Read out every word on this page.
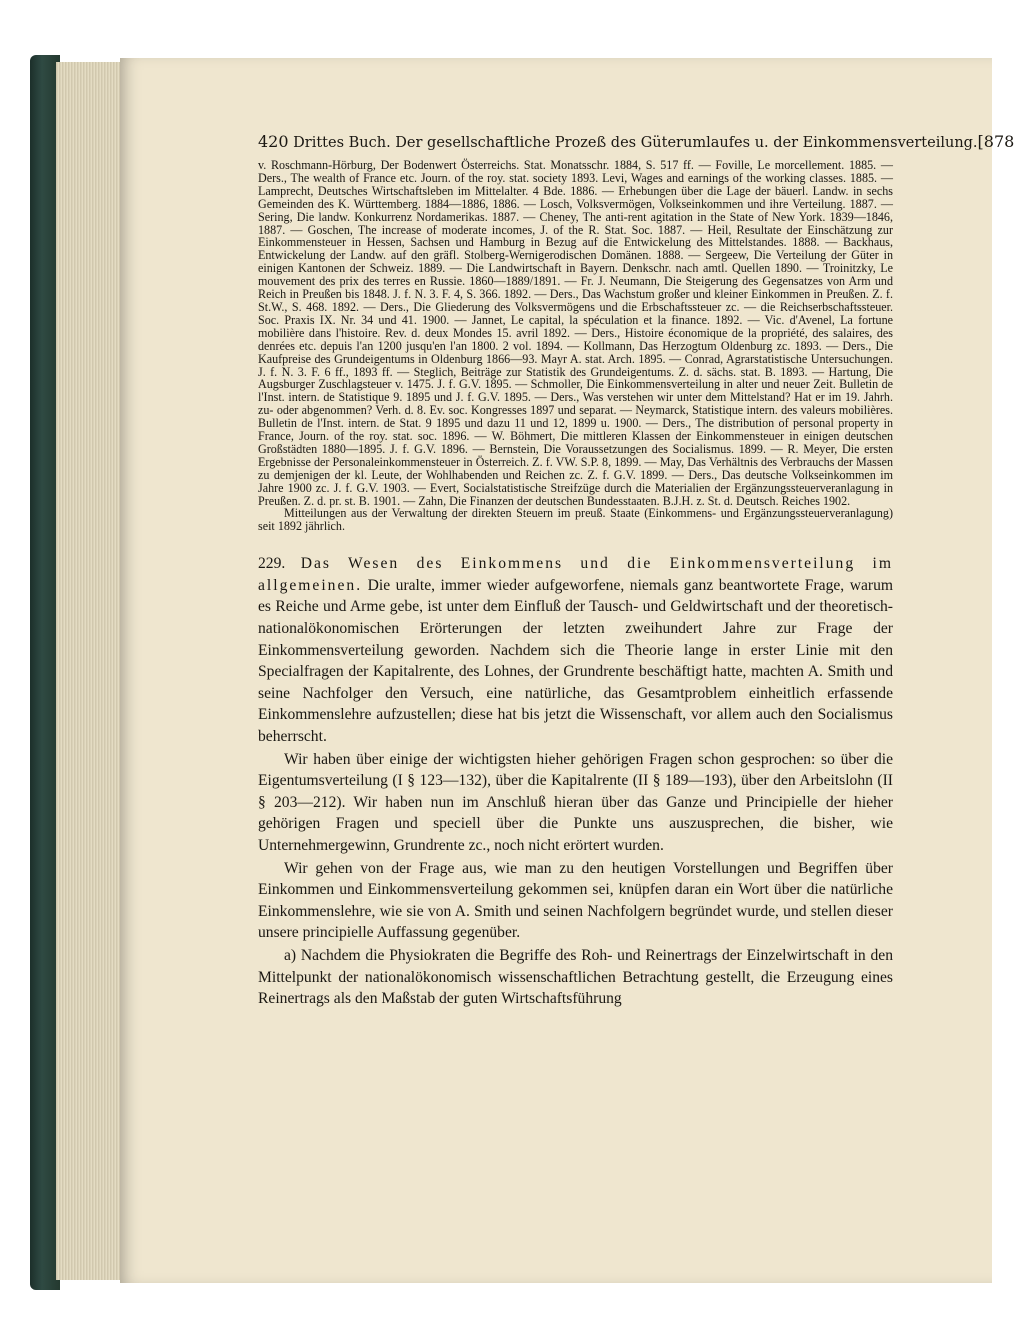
420 Drittes Buch. Der gesellschaftliche Prozeß des Güterumlaufes u. der Einkommensverteilung. [878

v. Roschmann-Hörburg, Der Bodenwert Österreichs. Stat. Monatsschr. 1884, S. 517 ff. — Foville, Le morcellement. 1885. — Ders., The wealth of France etc. Journ. of the roy. stat. society 1893. Levi, Wages and earnings of the working classes. 1885. — Lamprecht, Deutsches Wirtschaftsleben im Mittelalter. 4 Bde. 1886. — Erhebungen über die Lage der bäuerl. Landw. in sechs Gemeinden des K. Württemberg. 1884—1886, 1886. — Losch, Volksvermögen, Volkseinkommen und ihre Verteilung. 1887. — Sering, Die landw. Konkurrenz Nordamerikas. 1887. — Cheney, The anti-rent agitation in the State of New York. 1839—1846, 1887. — Goschen, The increase of moderate incomes, J. of the R. Stat. Soc. 1887. — Heil, Resultate der Einschätzung zur Einkommensteuer in Hessen, Sachsen und Hamburg in Bezug auf die Entwickelung des Mittelstandes. 1888. — Backhaus, Entwickelung der Landw. auf den gräfl. Stolberg-Wernigerodischen Domänen. 1888. — Sergeew, Die Verteilung der Güter in einigen Kantonen der Schweiz. 1889. — Die Landwirtschaft in Bayern. Denkschr. nach amtl. Quellen 1890. — Troinitzky, Le mouvement des prix des terres en Russie. 1860—1889/1891. — Fr. J. Neumann, Die Steigerung des Gegensatzes von Arm und Reich in Preußen bis 1848. J. f. N. 3. F. 4, S. 366. 1892. — Ders., Das Wachstum großer und kleiner Einkommen in Preußen. Z. f. St.W., S. 468. 1892. — Ders., Die Gliederung des Volksvermögens und die Erbschaftssteuer zc. — die Reichserbschaftssteuer. Soc. Praxis IX. Nr. 34 und 41. 1900. — Jannet, Le capital, la spéculation et la finance. 1892. — Vic. d'Avenel, La fortune mobilière dans l'histoire. Rev. d. deux Mondes 15. avril 1892. — Ders., Histoire économique de la propriété, des salaires, des denrées etc. depuis l'an 1200 jusqu'en l'an 1800. 2 vol. 1894. — Kollmann, Das Herzogtum Oldenburg zc. 1893. — Ders., Die Kaufpreise des Grundeigentums in Oldenburg 1866—93. Mayr A. stat. Arch. 1895. — Conrad, Agrarstatistische Untersuchungen. J. f. N. 3. F. 6 ff., 1893 ff. — Steglich, Beiträge zur Statistik des Grundeigentums. Z. d. sächs. stat. B. 1893. — Hartung, Die Augsburger Zuschlagsteuer v. 1475. J. f. G.V. 1895. — Schmoller, Die Einkommensverteilung in alter und neuer Zeit. Bulletin de l'Inst. intern. de Statistique 9. 1895 und J. f. G.V. 1895. — Ders., Was verstehen wir unter dem Mittelstand? Hat er im 19. Jahrh. zu- oder abgenommen? Verh. d. 8. Ev. soc. Kongresses 1897 und separat. — Neymarck, Statistique intern. des valeurs mobilières. Bulletin de l'Inst. intern. de Stat. 9 1895 und dazu 11 und 12, 1899 u. 1900. — Ders., The distribution of personal property in France, Journ. of the roy. stat. soc. 1896. — W. Böhmert, Die mittleren Klassen der Einkommensteuer in einigen deutschen Großstädten 1880—1895. J. f. G.V. 1896. — Bernstein, Die Voraussetzungen des Socialismus. 1899. — R. Meyer, Die ersten Ergebnisse der Personaleinkommensteuer in Österreich. Z. f. VW. S.P. 8, 1899. — May, Das Verhältnis des Verbrauchs der Massen zu demjenigen der kl. Leute, der Wohlhabenden und Reichen zc. Z. f. G.V. 1899. — Ders., Das deutsche Volkseinkommen im Jahre 1900 zc. J. f. G.V. 1903. — Evert, Socialstatistische Streifzüge durch die Materialien der Ergänzungssteuerveranlagung in Preußen. Z. d. pr. st. B. 1901. — Zahn, Die Finanzen der deutschen Bundesstaaten. B.J.H. z. St. d. Deutsch. Reiches 1902.

Mitteilungen aus der Verwaltung der direkten Steuern im preuß. Staate (Einkommens- und Ergänzungssteuerveranlagung) seit 1892 jährlich.

229. Das Wesen des Einkommens und die Einkommensverteilung im allgemeinen. Die uralte, immer wieder aufgeworfene, niemals ganz beantwortete Frage, warum es Reiche und Arme gebe, ist unter dem Einfluß der Tausch- und Geldwirtschaft und der theoretisch-nationalökonomischen Erörterungen der letzten zweihundert Jahre zur Frage der Einkommensverteilung geworden. Nachdem sich die Theorie lange in erster Linie mit den Specialfragen der Kapitalrente, des Lohnes, der Grundrente beschäftigt hatte, machten A. Smith und seine Nachfolger den Versuch, eine natürliche, das Gesamtproblem einheitlich erfassende Einkommenslehre aufzustellen; diese hat bis jetzt die Wissenschaft, vor allem auch den Socialismus beherrscht.

Wir haben über einige der wichtigsten hieher gehörigen Fragen schon gesprochen: so über die Eigentumsverteilung (I § 123—132), über die Kapitalrente (II § 189—193), über den Arbeitslohn (II § 203—212). Wir haben nun im Anschluß hieran über das Ganze und Principielle der hieher gehörigen Fragen und speciell über die Punkte uns auszusprechen, die bisher, wie Unternehmergewinn, Grundrente zc., noch nicht erörtert wurden.

Wir gehen von der Frage aus, wie man zu den heutigen Vorstellungen und Begriffen über Einkommen und Einkommensverteilung gekommen sei, knüpfen daran ein Wort über die natürliche Einkommenslehre, wie sie von A. Smith und seinen Nachfolgern begründet wurde, und stellen dieser unsere principielle Auffassung gegenüber.

a) Nachdem die Physiokraten die Begriffe des Roh- und Reinertrags der Einzelwirtschaft in den Mittelpunkt der nationalökonomisch wissenschaftlichen Betrachtung gestellt, die Erzeugung eines Reinertrags als den Maßstab der guten Wirtschaftsführung
